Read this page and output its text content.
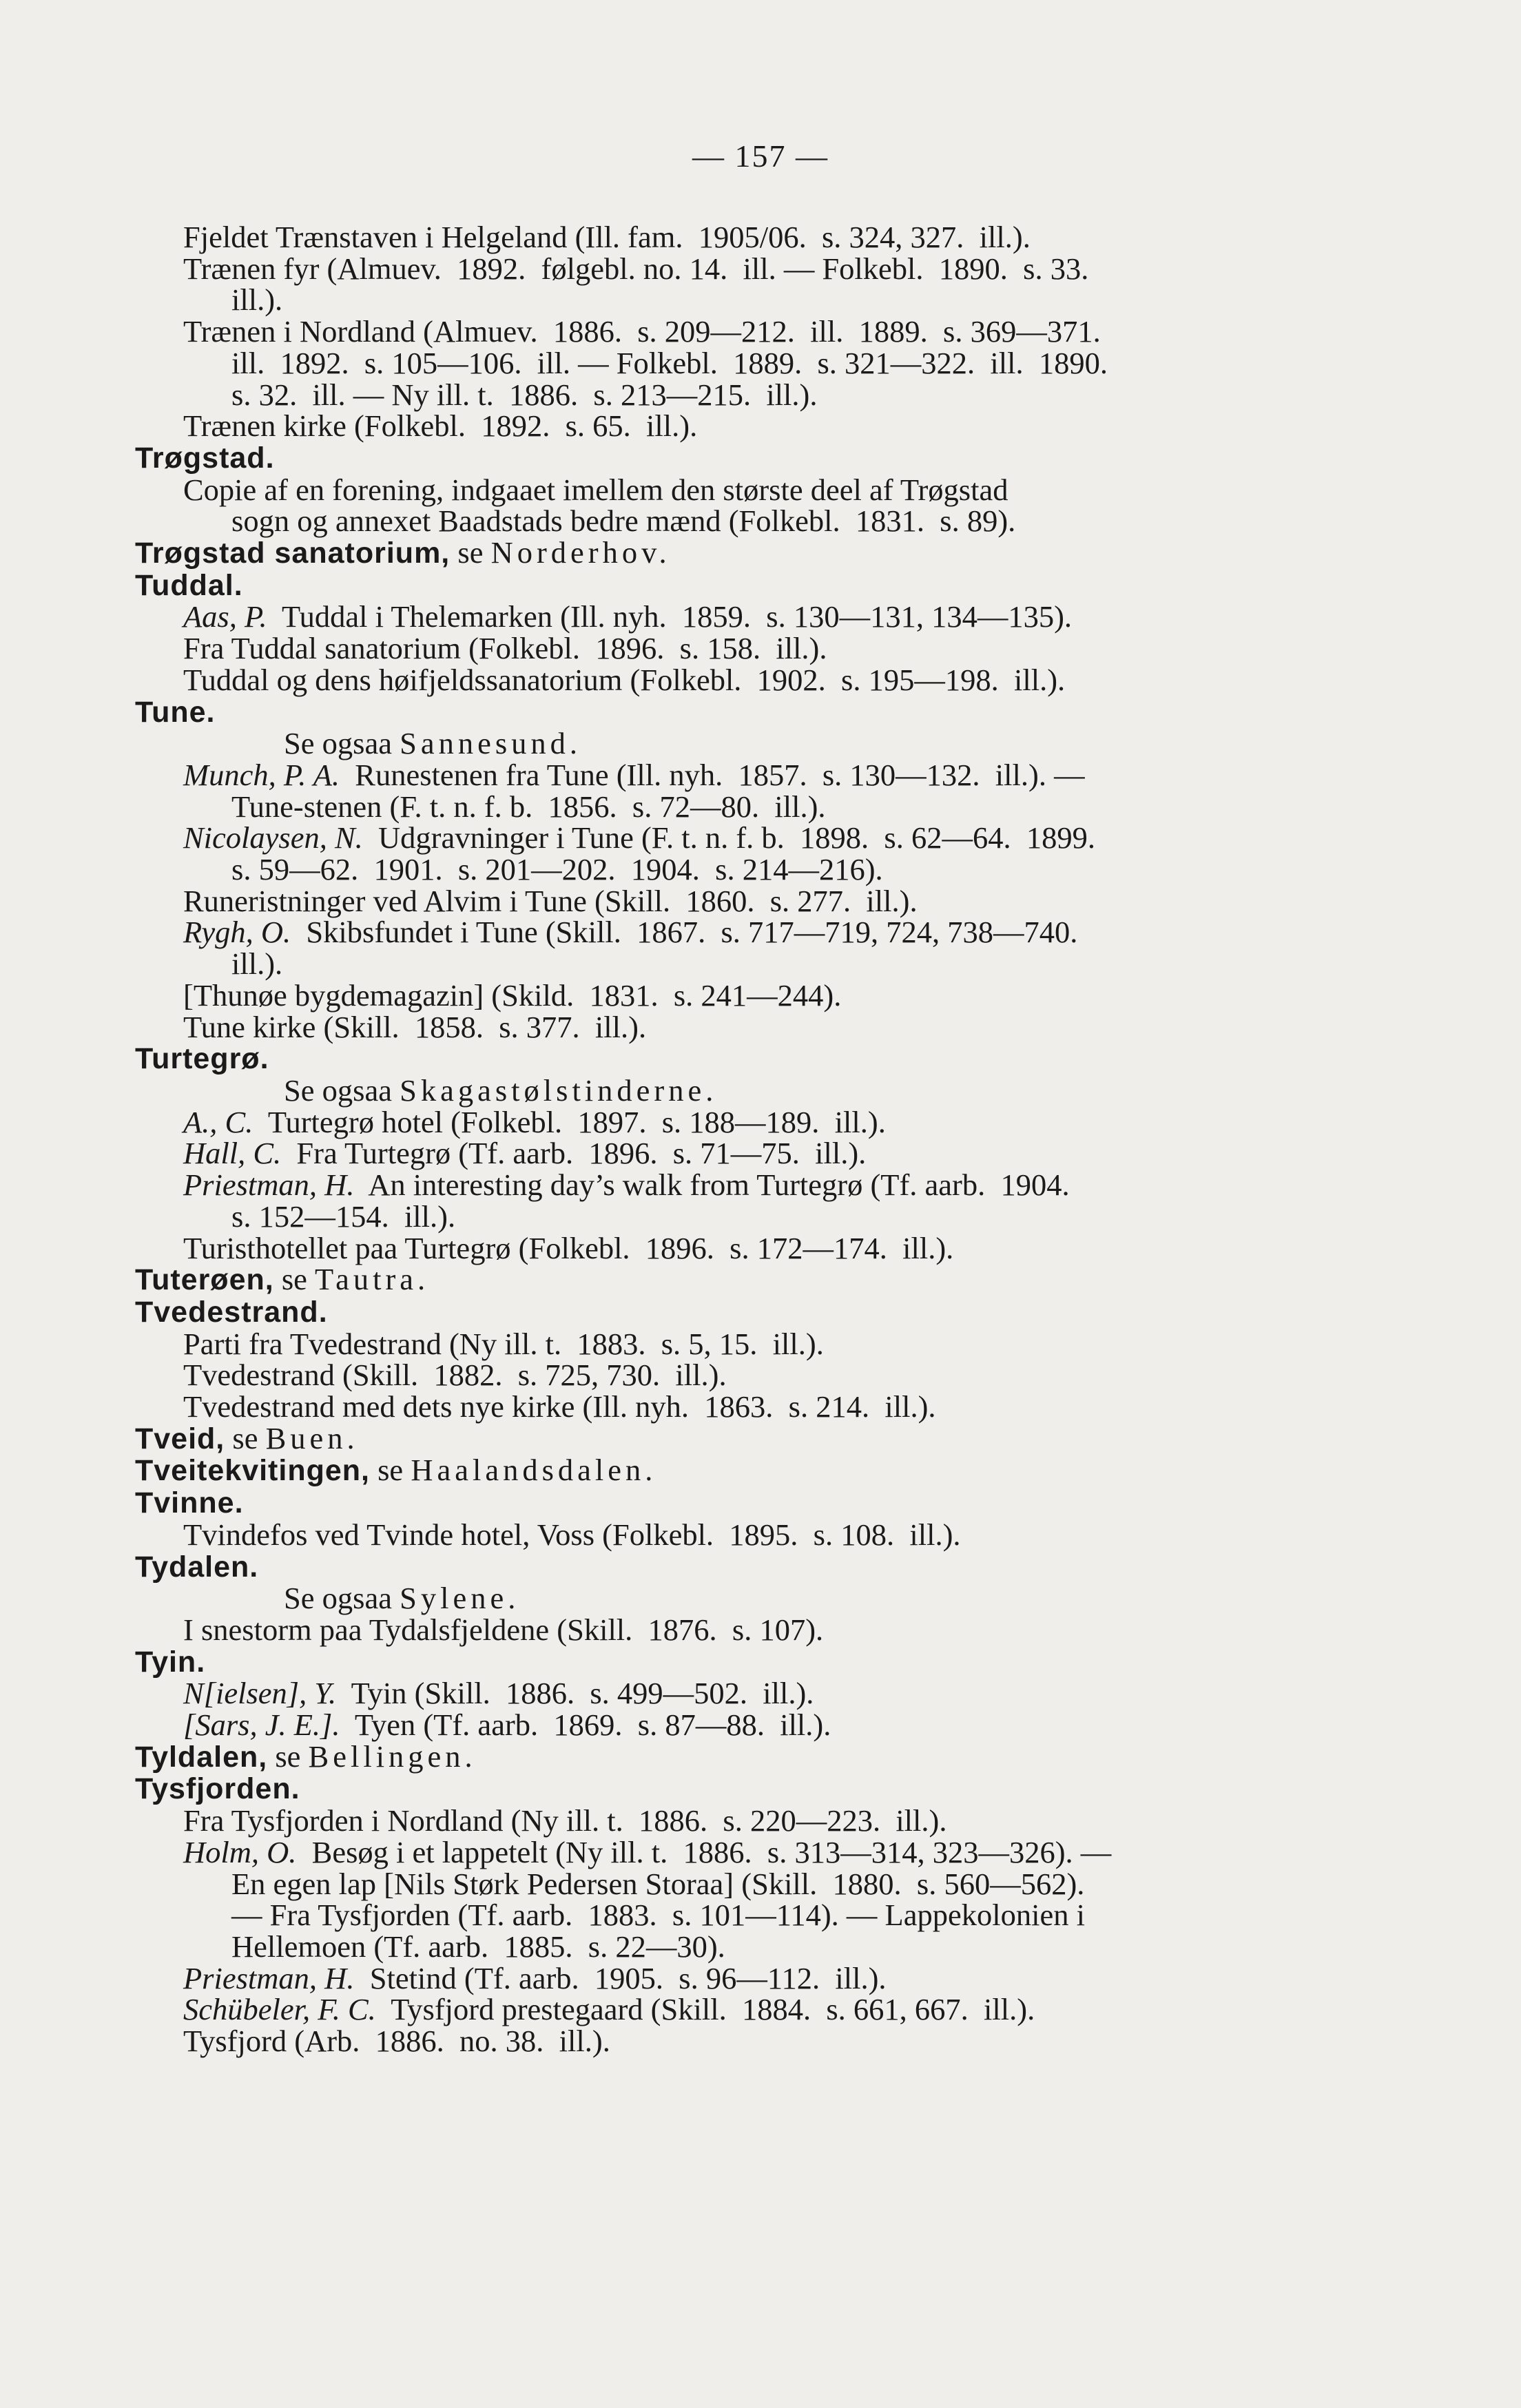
— 157 —
Fjeldet Trænstaven i Helgeland (Ill. fam.  1905/06.  s. 324, 327.  ill.).
Trænen fyr (Almuev.  1892.  følgebl. no. 14.  ill. — Folkebl.  1890.  s. 33.
ill.).
Trænen i Nordland (Almuev.  1886.  s. 209—212.  ill.  1889.  s. 369—371.
ill.  1892.  s. 105—106.  ill. — Folkebl.  1889.  s. 321—322.  ill.  1890.
s. 32.  ill. — Ny ill. t.  1886.  s. 213—215.  ill.).
Trænen kirke (Folkebl.  1892.  s. 65.  ill.).
Trøgstad.
Copie af en forening, indgaaet imellem den største deel af Trøgstad
sogn og annexet Baadstads bedre mænd (Folkebl.  1831.  s. 89).
Trøgstad sanatorium, se Norderhov.
Tuddal.
Aas, P.  Tuddal i Thelemarken (Ill. nyh.  1859.  s. 130—131, 134—135).
Fra Tuddal sanatorium (Folkebl.  1896.  s. 158.  ill.).
Tuddal og dens høifjeldssanatorium (Folkebl.  1902.  s. 195—198.  ill.).
Tune.
Se ogsaa Sannesund.
Munch, P. A.  Runestenen fra Tune (Ill. nyh.  1857.  s. 130—132.  ill.). —
Tune-stenen (F. t. n. f. b.  1856.  s. 72—80.  ill.).
Nicolaysen, N.  Udgravninger i Tune (F. t. n. f. b.  1898.  s. 62—64.  1899.
s. 59—62.  1901.  s. 201—202.  1904.  s. 214—216).
Runeristninger ved Alvim i Tune (Skill.  1860.  s. 277.  ill.).
Rygh, O.  Skibsfundet i Tune (Skill.  1867.  s. 717—719, 724, 738—740.
ill.).
[Thunøe bygdemagazin] (Skild.  1831.  s. 241—244).
Tune kirke (Skill.  1858.  s. 377.  ill.).
Turtegrø.
Se ogsaa Skagastølstinderne.
A., C.  Turtegrø hotel (Folkebl.  1897.  s. 188—189.  ill.).
Hall, C.  Fra Turtegrø (Tf. aarb.  1896.  s. 71—75.  ill.).
Priestman, H.  An interesting day’s walk from Turtegrø (Tf. aarb.  1904.
s. 152—154.  ill.).
Turisthotellet paa Turtegrø (Folkebl.  1896.  s. 172—174.  ill.).
Tuterøen, se Tautra.
Tvedestrand.
Parti fra Tvedestrand (Ny ill. t.  1883.  s. 5, 15.  ill.).
Tvedestrand (Skill.  1882.  s. 725, 730.  ill.).
Tvedestrand med dets nye kirke (Ill. nyh.  1863.  s. 214.  ill.).
Tveid, se Buen.
Tveitekvitingen, se Haalandsdalen.
Tvinne.
Tvindefos ved Tvinde hotel, Voss (Folkebl.  1895.  s. 108.  ill.).
Tydalen.
Se ogsaa Sylene.
I snestorm paa Tydalsfjeldene (Skill.  1876.  s. 107).
Tyin.
N[ielsen], Y.  Tyin (Skill.  1886.  s. 499—502.  ill.).
[Sars, J. E.].  Tyen (Tf. aarb.  1869.  s. 87—88.  ill.).
Tyldalen, se Bellingen.
Tysfjorden.
Fra Tysfjorden i Nordland (Ny ill. t.  1886.  s. 220—223.  ill.).
Holm, O.  Besøg i et lappetelt (Ny ill. t.  1886.  s. 313—314, 323—326). —
En egen lap [Nils Størk Pedersen Storaa] (Skill.  1880.  s. 560—562).
— Fra Tysfjorden (Tf. aarb.  1883.  s. 101—114). — Lappekolonien i
Hellemoen (Tf. aarb.  1885.  s. 22—30).
Priestman, H.  Stetind (Tf. aarb.  1905.  s. 96—112.  ill.).
Schübeler, F. C.  Tysfjord prestegaard (Skill.  1884.  s. 661, 667.  ill.).
Tysfjord (Arb.  1886.  no. 38.  ill.).
